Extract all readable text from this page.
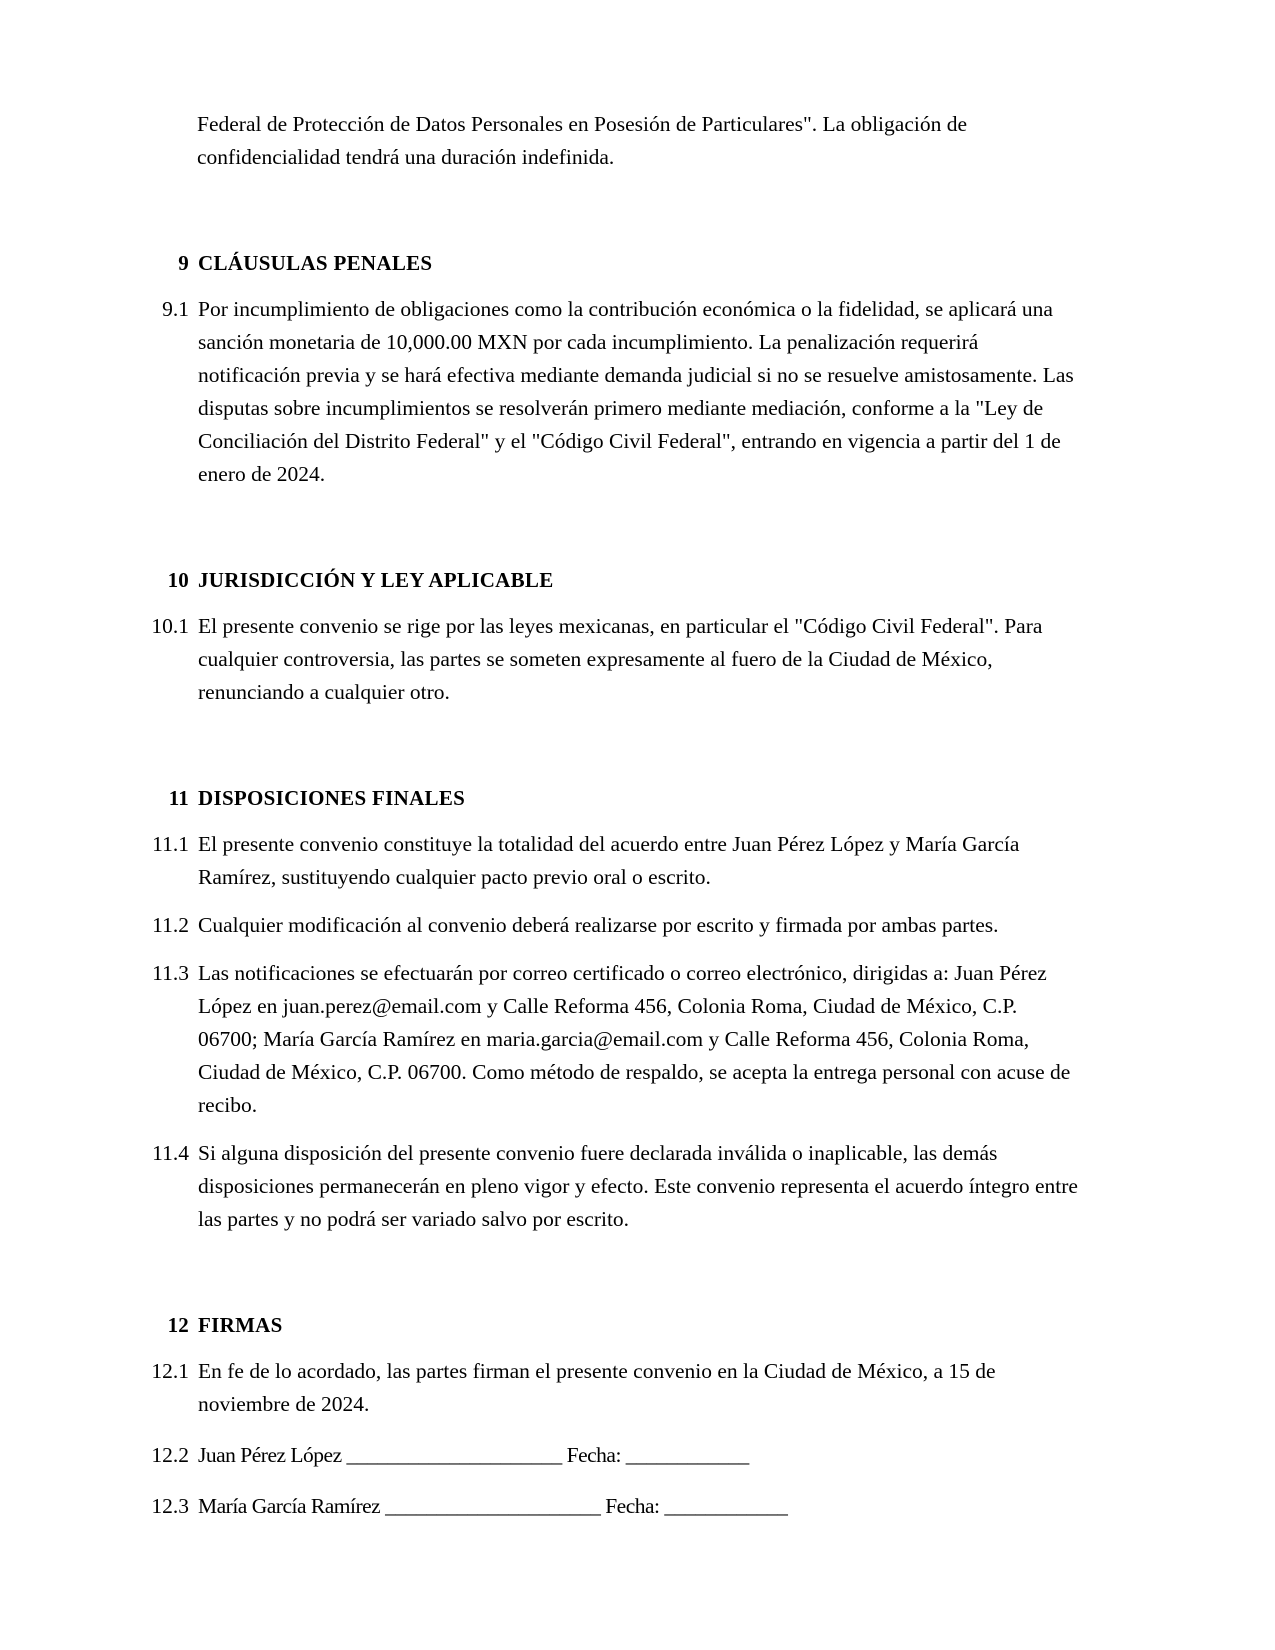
Federal de Protección de Datos Personales en Posesión de Particulares". La obligación de confidencialidad tendrá una duración indefinida.

9 CLÁUSULAS PENALES
9.1 Por incumplimiento de obligaciones como la contribución económica o la fidelidad, se aplicará una sanción monetaria de 10,000.00 MXN por cada incumplimiento. La penalización requerirá notificación previa y se hará efectiva mediante demanda judicial si no se resuelve amistosamente. Las disputas sobre incumplimientos se resolverán primero mediante mediación, conforme a la "Ley de Conciliación del Distrito Federal" y el "Código Civil Federal", entrando en vigencia a partir del 1 de enero de 2024.
10 JURISDICCIÓN Y LEY APLICABLE
10.1 El presente convenio se rige por las leyes mexicanas, en particular el "Código Civil Federal". Para cualquier controversia, las partes se someten expresamente al fuero de la Ciudad de México, renunciando a cualquier otro.
11 DISPOSICIONES FINALES
11.1 El presente convenio constituye la totalidad del acuerdo entre Juan Pérez López y María García Ramírez, sustituyendo cualquier pacto previo oral o escrito.
11.2 Cualquier modificación al convenio deberá realizarse por escrito y firmada por ambas partes.
11.3 Las notificaciones se efectuarán por correo certificado o correo electrónico, dirigidas a: Juan Pérez López en juan.perez@email.com y Calle Reforma 456, Colonia Roma, Ciudad de México, C.P. 06700; María García Ramírez en maria.garcia@email.com y Calle Reforma 456, Colonia Roma, Ciudad de México, C.P. 06700. Como método de respaldo, se acepta la entrega personal con acuse de recibo.
11.4 Si alguna disposición del presente convenio fuere declarada inválida o inaplicable, las demás disposiciones permanecerán en pleno vigor y efecto. Este convenio representa el acuerdo íntegro entre las partes y no podrá ser variado salvo por escrito.
12 FIRMAS
12.1 En fe de lo acordado, las partes firman el presente convenio en la Ciudad de México, a 15 de noviembre de 2024.
12.2 Juan Pérez López _____________________ Fecha: ____________
12.3 María García Ramírez _____________________ Fecha: ____________
